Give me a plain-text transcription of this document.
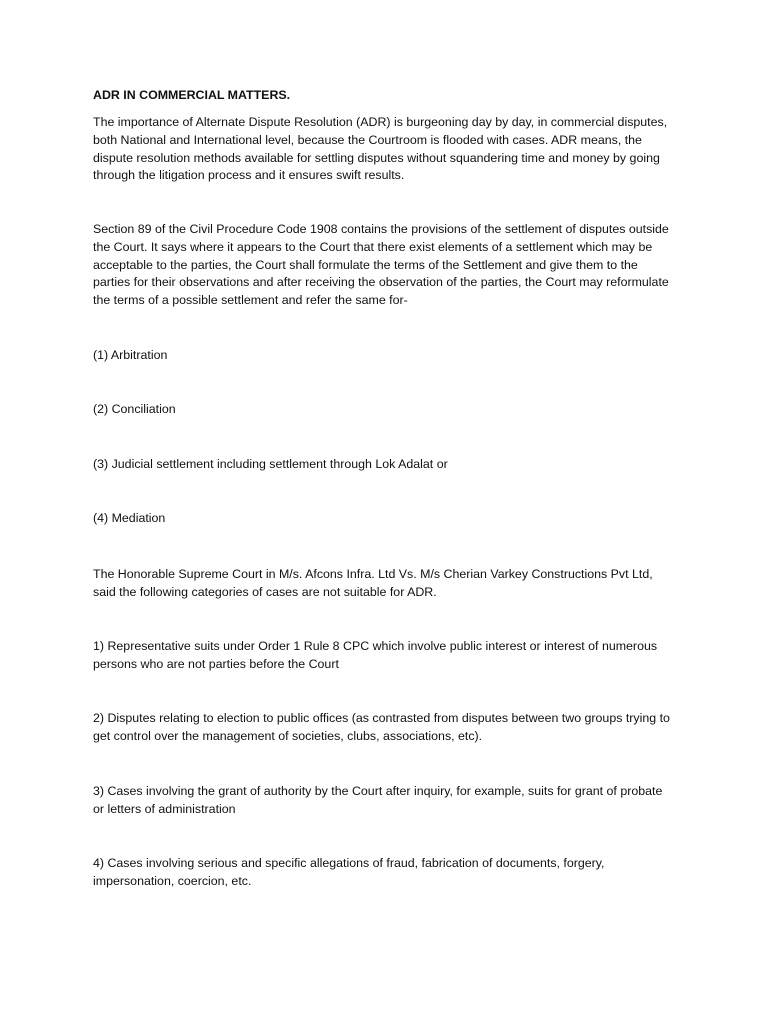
ADR IN COMMERCIAL MATTERS.

The importance of Alternate Dispute Resolution (ADR) is burgeoning day by day, in commercial disputes, both National and International level, because the Courtroom is flooded with cases. ADR means, the dispute resolution methods available for settling disputes without squandering time and money by going through the litigation process and it ensures swift results.

Section 89 of the Civil Procedure Code 1908 contains the provisions of the settlement of disputes outside the Court. It says where it appears to the Court that there exist elements of a settlement which may be acceptable to the parties, the Court shall formulate the terms of the Settlement and give them to the parties for their observations and after receiving the observation of the parties, the Court may reformulate the terms of a possible settlement and refer the same for-

(1) Arbitration

(2) Conciliation

(3) Judicial settlement including settlement through Lok Adalat or

(4) Mediation

The Honorable Supreme Court in M/s. Afcons Infra. Ltd Vs. M/s Cherian Varkey Constructions Pvt Ltd, said the following categories of cases are not suitable for ADR.

1) Representative suits under Order 1 Rule 8 CPC which involve public interest or interest of numerous persons who are not parties before the Court

2) Disputes relating to election to public offices (as contrasted from disputes between two groups trying to get control over the management of societies, clubs, associations, etc).

3) Cases involving the grant of authority by the Court after inquiry, for example, suits for grant of probate or letters of administration

4) Cases involving serious and specific allegations of fraud, fabrication of documents, forgery, impersonation, coercion, etc.
